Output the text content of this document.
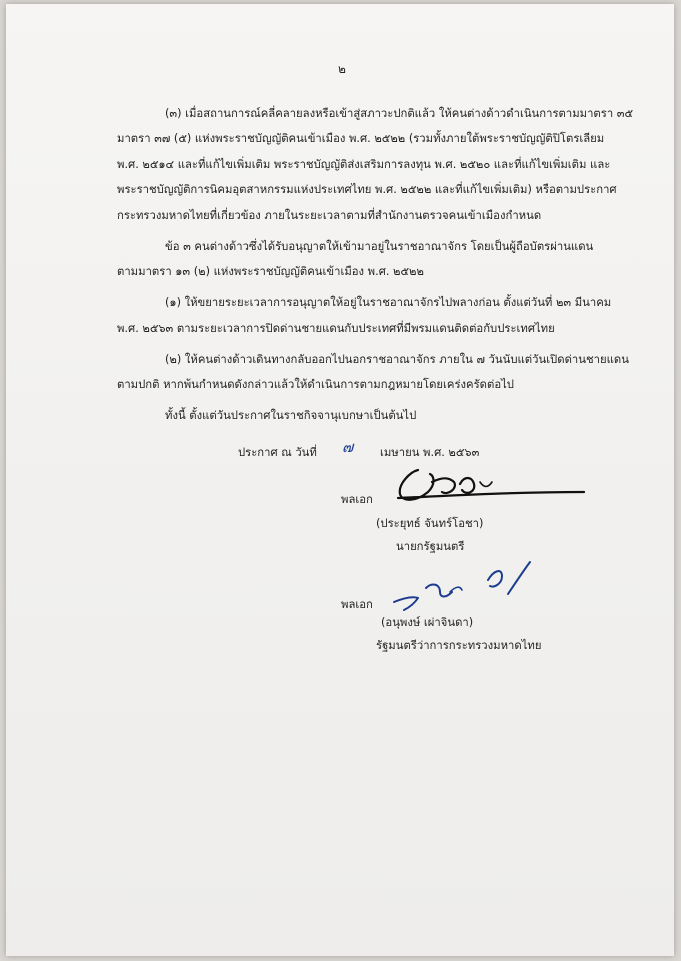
๒
(๓) เมื่อสถานการณ์คลี่คลายลงหรือเข้าสู่สภาวะปกติแล้ว ให้คนต่างด้าวดำเนินการตามมาตรา ๓๕
มาตรา ๓๗ (๕) แห่งพระราชบัญญัติคนเข้าเมือง พ.ศ. ๒๕๒๒ (รวมทั้งภายใต้พระราชบัญญัติปิโตรเลียม
พ.ศ. ๒๕๑๔ และที่แก้ไขเพิ่มเติม พระราชบัญญัติส่งเสริมการลงทุน พ.ศ. ๒๕๒๐ และที่แก้ไขเพิ่มเติม และ
พระราชบัญญัติการนิคมอุตสาหกรรมแห่งประเทศไทย พ.ศ. ๒๕๒๒ และที่แก้ไขเพิ่มเติม) หรือตามประกาศ
กระทรวงมหาดไทยที่เกี่ยวข้อง ภายในระยะเวลาตามที่สำนักงานตรวจคนเข้าเมืองกำหนด
ข้อ ๓ คนต่างด้าวซึ่งได้รับอนุญาตให้เข้ามาอยู่ในราชอาณาจักร โดยเป็นผู้ถือบัตรผ่านแดน
ตามมาตรา ๑๓ (๒) แห่งพระราชบัญญัติคนเข้าเมือง พ.ศ. ๒๕๒๒
(๑) ให้ขยายระยะเวลาการอนุญาตให้อยู่ในราชอาณาจักรไปพลางก่อน ตั้งแต่วันที่ ๒๓ มีนาคม
พ.ศ. ๒๕๖๓ ตามระยะเวลาการปิดด่านชายแดนกับประเทศที่มีพรมแดนติดต่อกับประเทศไทย
(๒) ให้คนต่างด้าวเดินทางกลับออกไปนอกราชอาณาจักร ภายใน ๗ วันนับแต่วันเปิดด่านชายแดน
ตามปกติ หากพ้นกำหนดดังกล่าวแล้วให้ดำเนินการตามกฎหมายโดยเคร่งครัดต่อไป
ทั้งนี้ ตั้งแต่วันประกาศในราชกิจจานุเบกษาเป็นต้นไป
ประกาศ ณ วันที่ ๗ เมษายน พ.ศ. ๒๕๖๓
พลเอก
(ประยุทธ์ จันทร์โอชา)
นายกรัฐมนตรี
พลเอก
(อนุพงษ์ เผ่าจินดา)
รัฐมนตรีว่าการกระทรวงมหาดไทย
